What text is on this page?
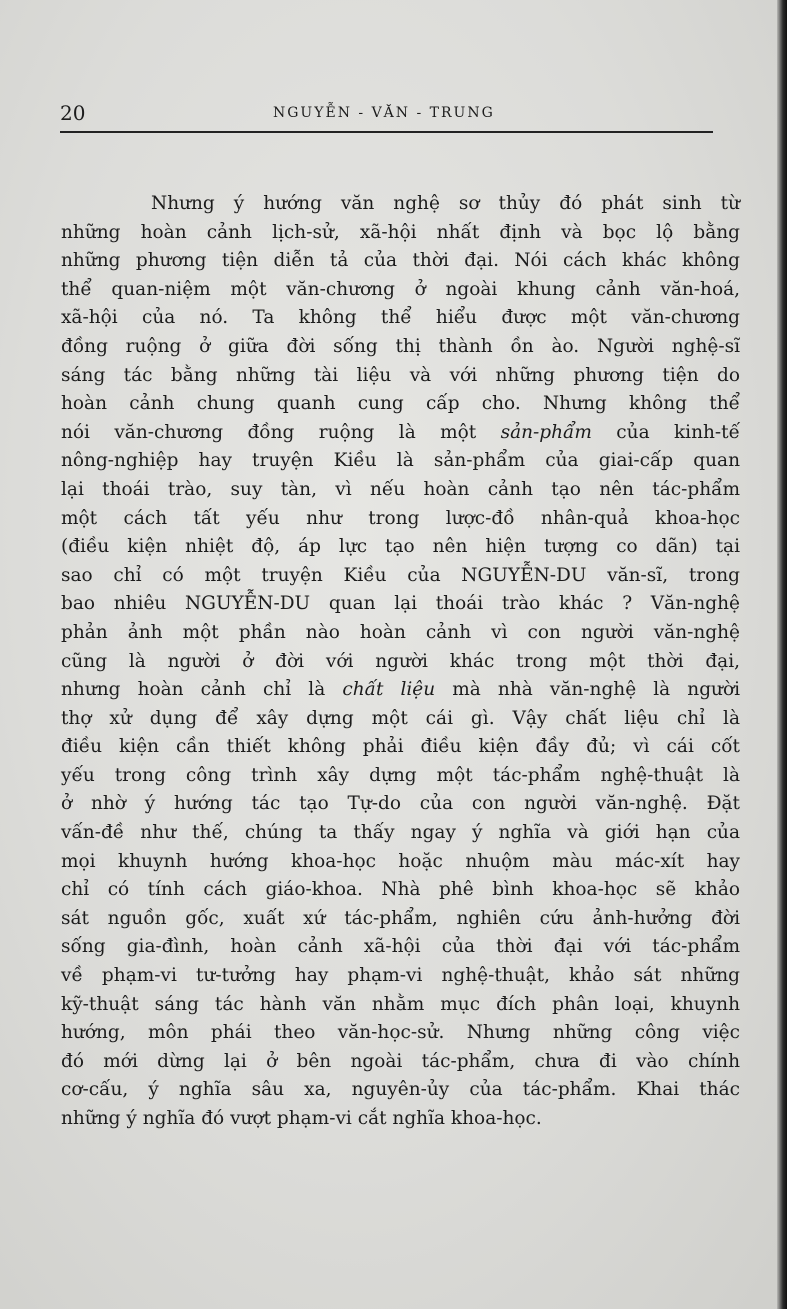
20	NGUYỄN - VĂN - TRUNG
Nhưng ý hướng văn nghệ sơ thủy đó phát sinh từ
những hoàn cảnh lịch-sử, xã-hội nhất định và bọc lộ bằng
những phương tiện diễn tả của thời đại. Nói cách khác không
thể quan-niệm một văn-chương ở ngoài khung cảnh văn-hoá,
xã-hội của nó. Ta không thể hiểu được một văn-chương
đồng ruộng ở giữa đời sống thị thành ồn ào. Người nghệ-sĩ
sáng tác bằng những tài liệu và với những phương tiện do
hoàn cảnh chung quanh cung cấp cho. Nhưng không thể
nói văn-chương đồng ruộng là một sản-phẩm của kinh-tế
nông-nghiệp hay truyện Kiều là sản-phẩm của giai-cấp quan
lại thoái trào, suy tàn, vì nếu hoàn cảnh tạo nên tác-phẩm
một cách tất yếu như trong lược-đồ nhân-quả khoa-học
(điều kiện nhiệt độ, áp lực tạo nên hiện tượng co dãn) tại
sao chỉ có một truyện Kiều của NGUYỄN-DU văn-sĩ, trong
bao nhiêu NGUYỄN-DU quan lại thoái trào khác ? Văn-nghệ
phản ảnh một phần nào hoàn cảnh vì con người văn-nghệ
cũng là người ở đời với người khác trong một thời đại,
nhưng hoàn cảnh chỉ là chất liệu mà nhà văn-nghệ là người
thợ xử dụng để xây dựng một cái gì. Vậy chất liệu chỉ là
điều kiện cần thiết không phải điều kiện đầy đủ; vì cái cốt
yếu trong công trình xây dựng một tác-phẩm nghệ-thuật là
ở nhờ ý hướng tác tạo Tự-do của con người văn-nghệ. Đặt
vấn-đề như thế, chúng ta thấy ngay ý nghĩa và giới hạn của
mọi khuynh hướng khoa-học hoặc nhuộm màu mác-xít hay
chỉ có tính cách giáo-khoa. Nhà phê bình khoa-học sẽ khảo
sát nguồn gốc, xuất xứ tác-phẩm, nghiên cứu ảnh-hưởng đời
sống gia-đình, hoàn cảnh xã-hội của thời đại với tác-phẩm
về phạm-vi tư-tưởng hay phạm-vi nghệ-thuật, khảo sát những
kỹ-thuật sáng tác hành văn nhằm mục đích phân loại, khuynh
hướng, môn phái theo văn-học-sử. Nhưng những công việc
đó mới dừng lại ở bên ngoài tác-phẩm, chưa đi vào chính
cơ-cấu, ý nghĩa sâu xa, nguyên-ủy của tác-phẩm. Khai thác
những ý nghĩa đó vượt phạm-vi cắt nghĩa khoa-học.
